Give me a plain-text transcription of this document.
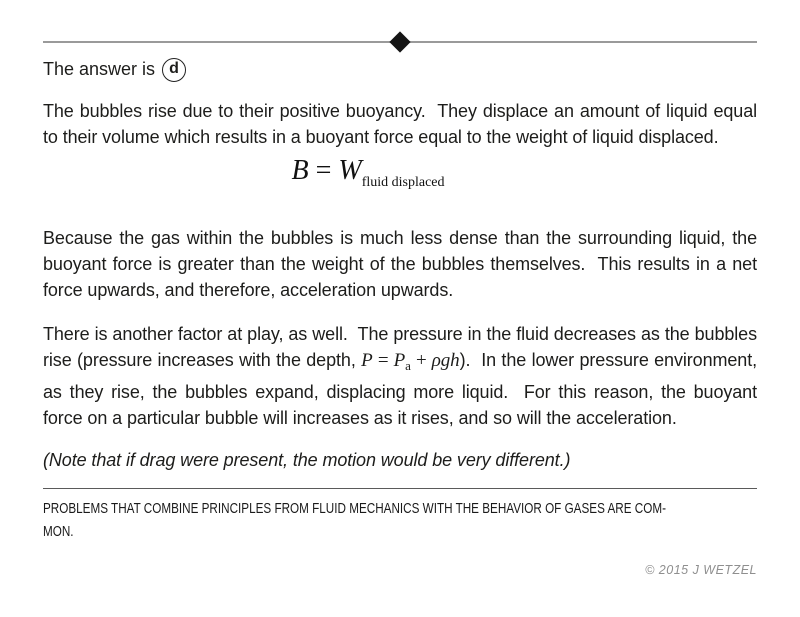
The answer is d

The bubbles rise due to their positive buoyancy.  They displace an amount of liquid equal to their volume which results in a buoyant force equal to the weight of liquid displaced.

$B = W_{fluid displaced}$

Because the gas within the bubbles is much less dense than the surrounding liquid, the buoyant force is greater than the weight of the bubbles themselves.  This results in a net force upwards, and therefore, acceleration upwards.

There is another factor at play, as well.  The pressure in the fluid decreases as the bubbles rise (pressure increases with the depth, $P = P_a + \rho gh$).  In the lower pressure environment, as they rise, the bubbles expand, displacing more liquid.  For this reason, the buoyant force on a particular bubble will increases as it rises, and so will the acceleration.

(Note that if drag were present, the motion would be very different.)

PROBLEMS THAT COMBINE PRINCIPLES FROM FLUID MECHANICS WITH THE BEHAVIOR OF GASES ARE COM-
MON.
© 2015 J WETZEL
